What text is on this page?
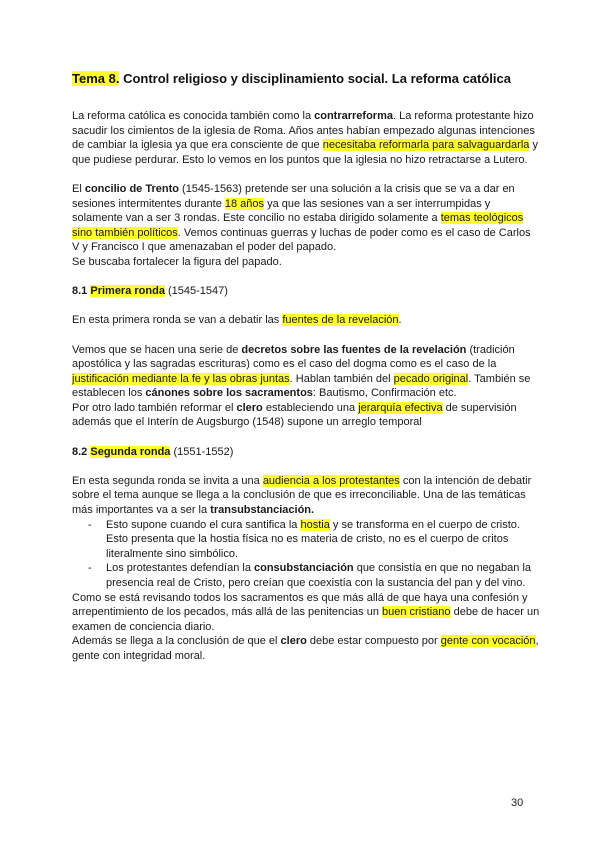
Tema 8. Control religioso y disciplinamiento social. La reforma católica

La reforma católica es conocida también como la contrarreforma. La reforma protestante hizo sacudir los cimientos de la iglesia de Roma. Años antes habían empezado algunas intenciones de cambiar la iglesia ya que era consciente de que necesitaba reformarla para salvaguardarla y que pudiese perdurar. Esto lo vemos en los puntos que la iglesia no hizo retractarse a Lutero.

El concilio de Trento (1545-1563) pretende ser una solución a la crisis que se va a dar en sesiones intermitentes durante 18 años ya que las sesiones van a ser interrumpidas y solamente van a ser 3 rondas. Este concilio no estaba dirigido solamente a temas teológicos sino también políticos. Vemos continuas guerras y luchas de poder como es el caso de Carlos V y Francisco I que amenazaban el poder del papado.

Se buscaba fortalecer la figura del papado.

8.1 Primera ronda (1545-1547)

En esta primera ronda se van a debatir las fuentes de la revelación.

Vemos que se hacen una serie de decretos sobre las fuentes de la revelación (tradición apostólica y las sagradas escrituras) como es el caso del dogma como es el caso de la justificación mediante la fe y las obras juntas. Hablan también del pecado original. También se establecen los cánones sobre los sacramentos: Bautismo, Confirmación etc.

Por otro lado también reformar el clero estableciendo una jerarquía efectiva de supervisión además que el Interín de Augsburgo (1548) supone un arreglo temporal

8.2 Segunda ronda (1551-1552)

En esta segunda ronda se invita a una audiencia a los protestantes con la intención de debatir sobre el tema aunque se llega a la conclusión de que es irreconciliable. Una de las temáticas más importantes va a ser la transubstanciación.

- Esto supone cuando el cura santifica la hostia y se transforma en el cuerpo de cristo. Esto presenta que la hostia física no es materia de cristo, no es el cuerpo de critos literalmente sino simbólico.
- Los protestantes defendían la consubstanciación que consistía en que no negaban la presencia real de Cristo, pero creían que coexistía con la sustancia del pan y del vino.

Como se está revisando todos los sacramentos es que más allá de que haya una confesión y arrepentimiento de los pecados, más allá de las penitencias un buen cristiano debe de hacer un examen de conciencia diario.

Además se llega a la conclusión de que el clero debe estar compuesto por gente con vocación, gente con integridad moral.

30
